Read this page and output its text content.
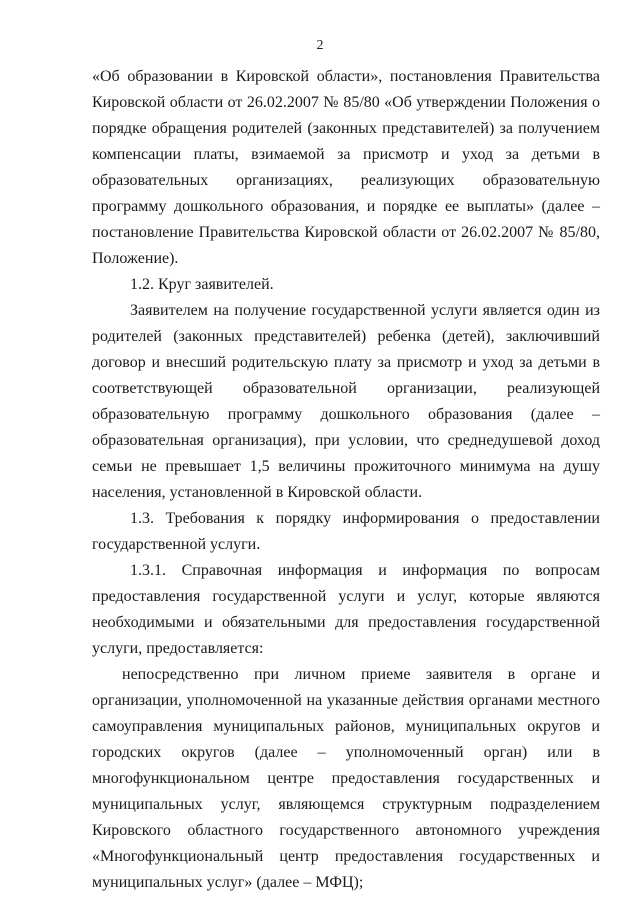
2

«Об образовании в Кировской области», постановления Правительства Кировской области от 26.02.2007 № 85/80 «Об утверждении Положения о порядке обращения родителей (законных представителей) за получением компенсации платы, взимаемой за присмотр и уход за детьми в образовательных организациях, реализующих образовательную программу дошкольного образования, и порядке ее выплаты» (далее – постановление Правительства Кировской области от 26.02.2007 № 85/80, Положение).

1.2. Круг заявителей.

Заявителем на получение государственной услуги является один из родителей (законных представителей) ребенка (детей), заключивший договор и внесший родительскую плату за присмотр и уход за детьми в соответствующей образовательной организации, реализующей образовательную программу дошкольного образования (далее – образовательная организация), при условии, что среднедушевой доход семьи не превышает 1,5 величины прожиточного минимума на душу населения, установленной в Кировской области.

1.3. Требования к порядку информирования о предоставлении государственной услуги.

1.3.1. Справочная информация и информация по вопросам предоставления государственной услуги и услуг, которые являются необходимыми и обязательными для предоставления государственной услуги, предоставляется:

непосредственно при личном приеме заявителя в органе и организации, уполномоченной на указанные действия органами местного самоуправления муниципальных районов, муниципальных округов и городских округов (далее – уполномоченный орган) или в многофункциональном центре предоставления государственных и муниципальных услуг, являющемся структурным подразделением Кировского областного государственного автономного учреждения «Многофункциональный центр предоставления государственных и муниципальных услуг» (далее – МФЦ);
